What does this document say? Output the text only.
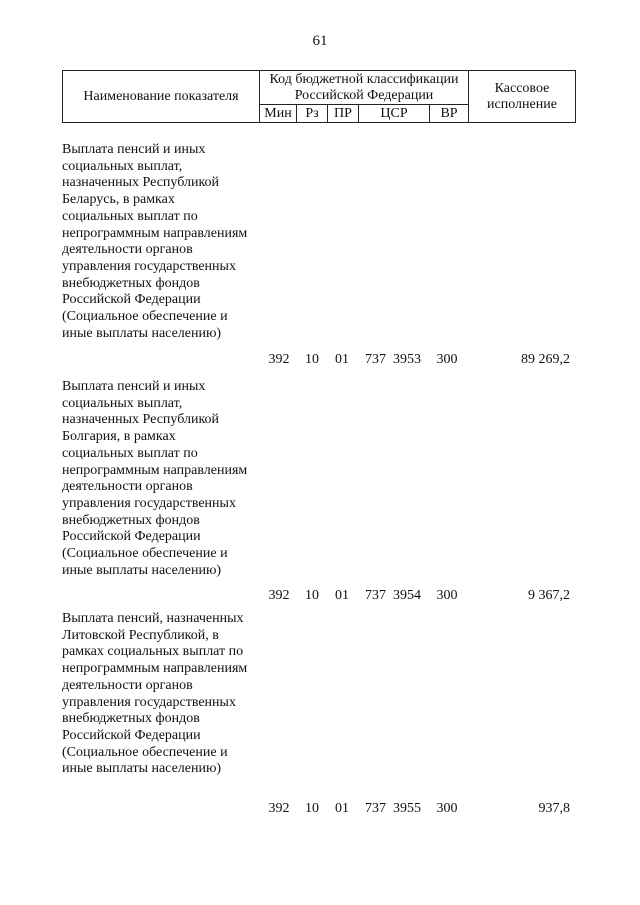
61
Наименование показателя	Код бюджетной классификации Российской Федерации					Кассовое исполнение
	Мин	Рз	ПР	ЦСР	ВР	
Выплата пенсий и иных социальных выплат, назначенных Республикой Беларусь, в рамках социальных выплат по непрограммным направлениям деятельности органов управления государственных внебюджетных фондов Российской Федерации (Социальное обеспечение и иные выплаты населению)
392	10	01	737  3953	300	89 269,2
Выплата пенсий и иных социальных выплат, назначенных Республикой Болгария, в рамках социальных выплат по непрограммным направлениям деятельности органов управления государственных внебюджетных фондов Российской Федерации (Социальное обеспечение и иные выплаты населению)
392	10	01	737  3954	300	9 367,2
Выплата пенсий, назначенных Литовской Республикой, в рамках социальных выплат по непрограммным направлениям деятельности органов управления государственных внебюджетных фондов Российской Федерации (Социальное обеспечение и иные выплаты населению)
392	10	01	737  3955	300	937,8
